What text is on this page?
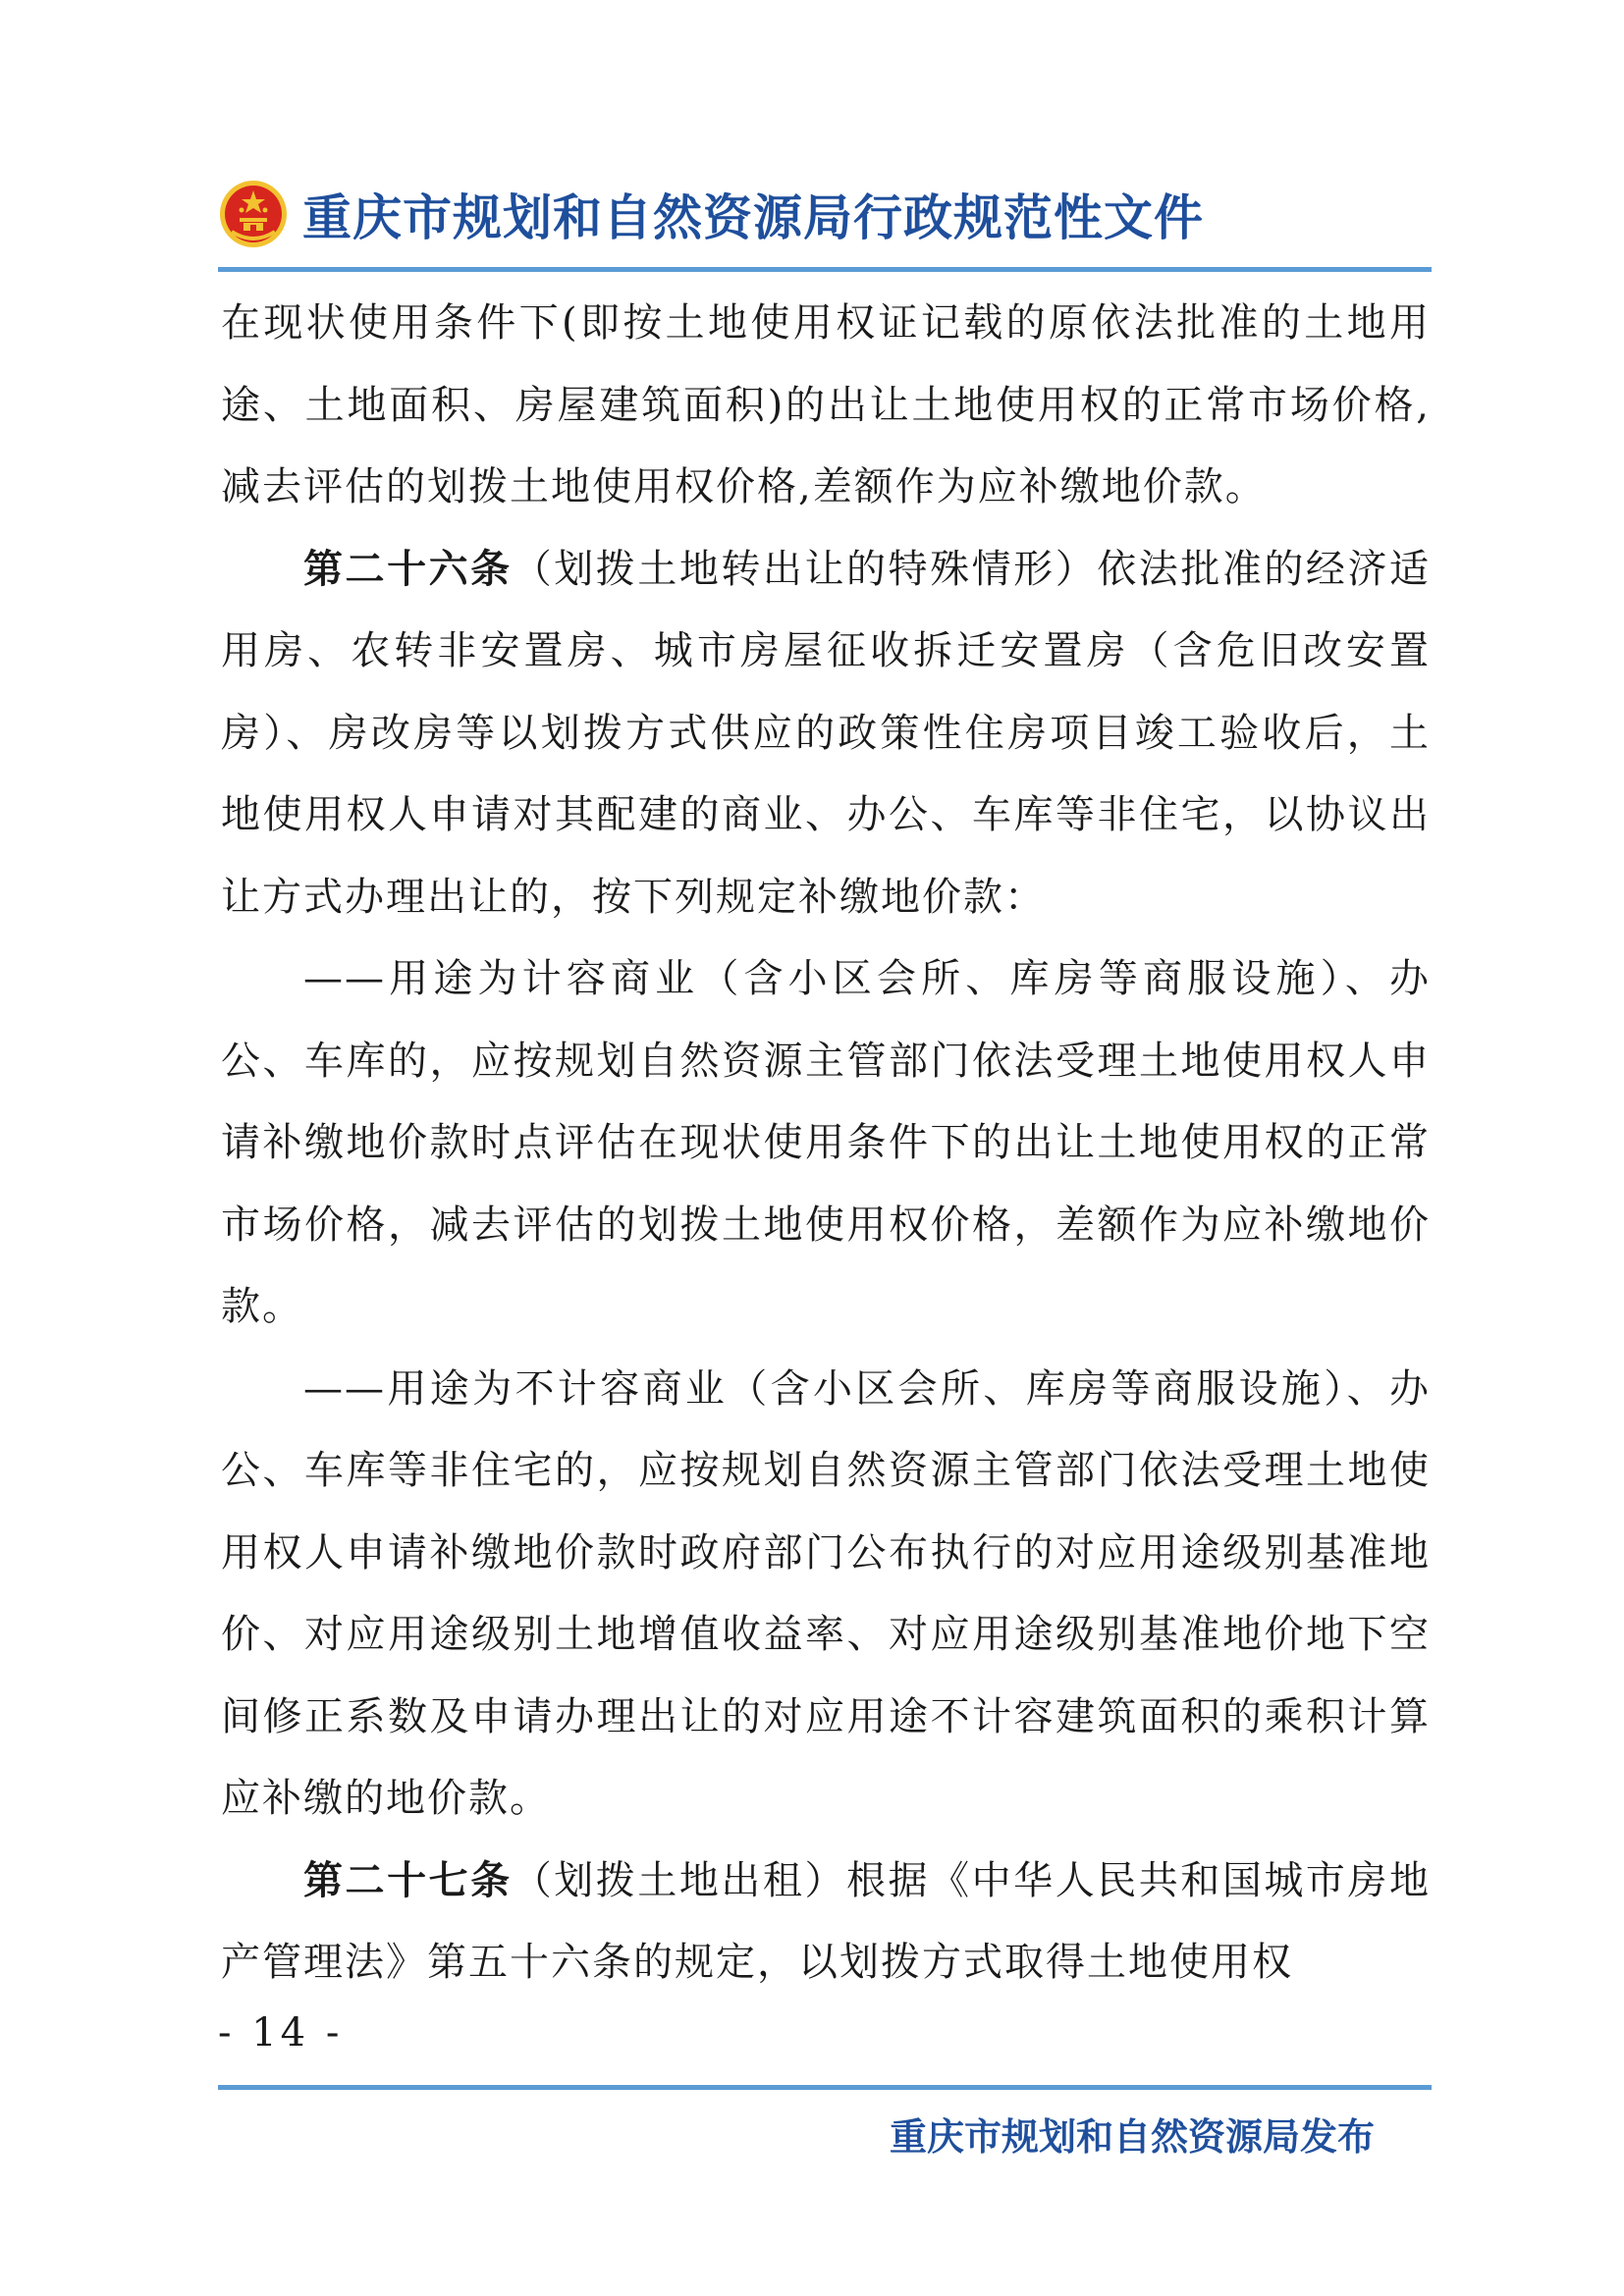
重庆市规划和自然资源局行政规范性文件

在现状使用条件下(即按土地使用权证记载的原依法批准的土地用途、土地面积、房屋建筑面积)的出让土地使用权的正常市场价格,减去评估的划拨土地使用权价格,差额作为应补缴地价款。

第二十六条（划拨土地转出让的特殊情形）依法批准的经济适用房、农转非安置房、城市房屋征收拆迁安置房（含危旧改安置房）、房改房等以划拨方式供应的政策性住房项目竣工验收后，土地使用权人申请对其配建的商业、办公、车库等非住宅，以协议出让方式办理出让的，按下列规定补缴地价款：

——用途为计容商业（含小区会所、库房等商服设施）、办公、车库的，应按规划自然资源主管部门依法受理土地使用权人申请补缴地价款时点评估在现状使用条件下的出让土地使用权的正常市场价格，减去评估的划拨土地使用权价格，差额作为应补缴地价款。

——用途为不计容商业（含小区会所、库房等商服设施）、办公、车库等非住宅的，应按规划自然资源主管部门依法受理土地使用权人申请补缴地价款时政府部门公布执行的对应用途级别基准地价、对应用途级别土地增值收益率、对应用途级别基准地价地下空间修正系数及申请办理出让的对应用途不计容建筑面积的乘积计算应补缴的地价款。

第二十七条（划拨土地出租）根据《中华人民共和国城市房地产管理法》第五十六条的规定，以划拨方式取得土地使用权

- 14 -
重庆市规划和自然资源局发布
